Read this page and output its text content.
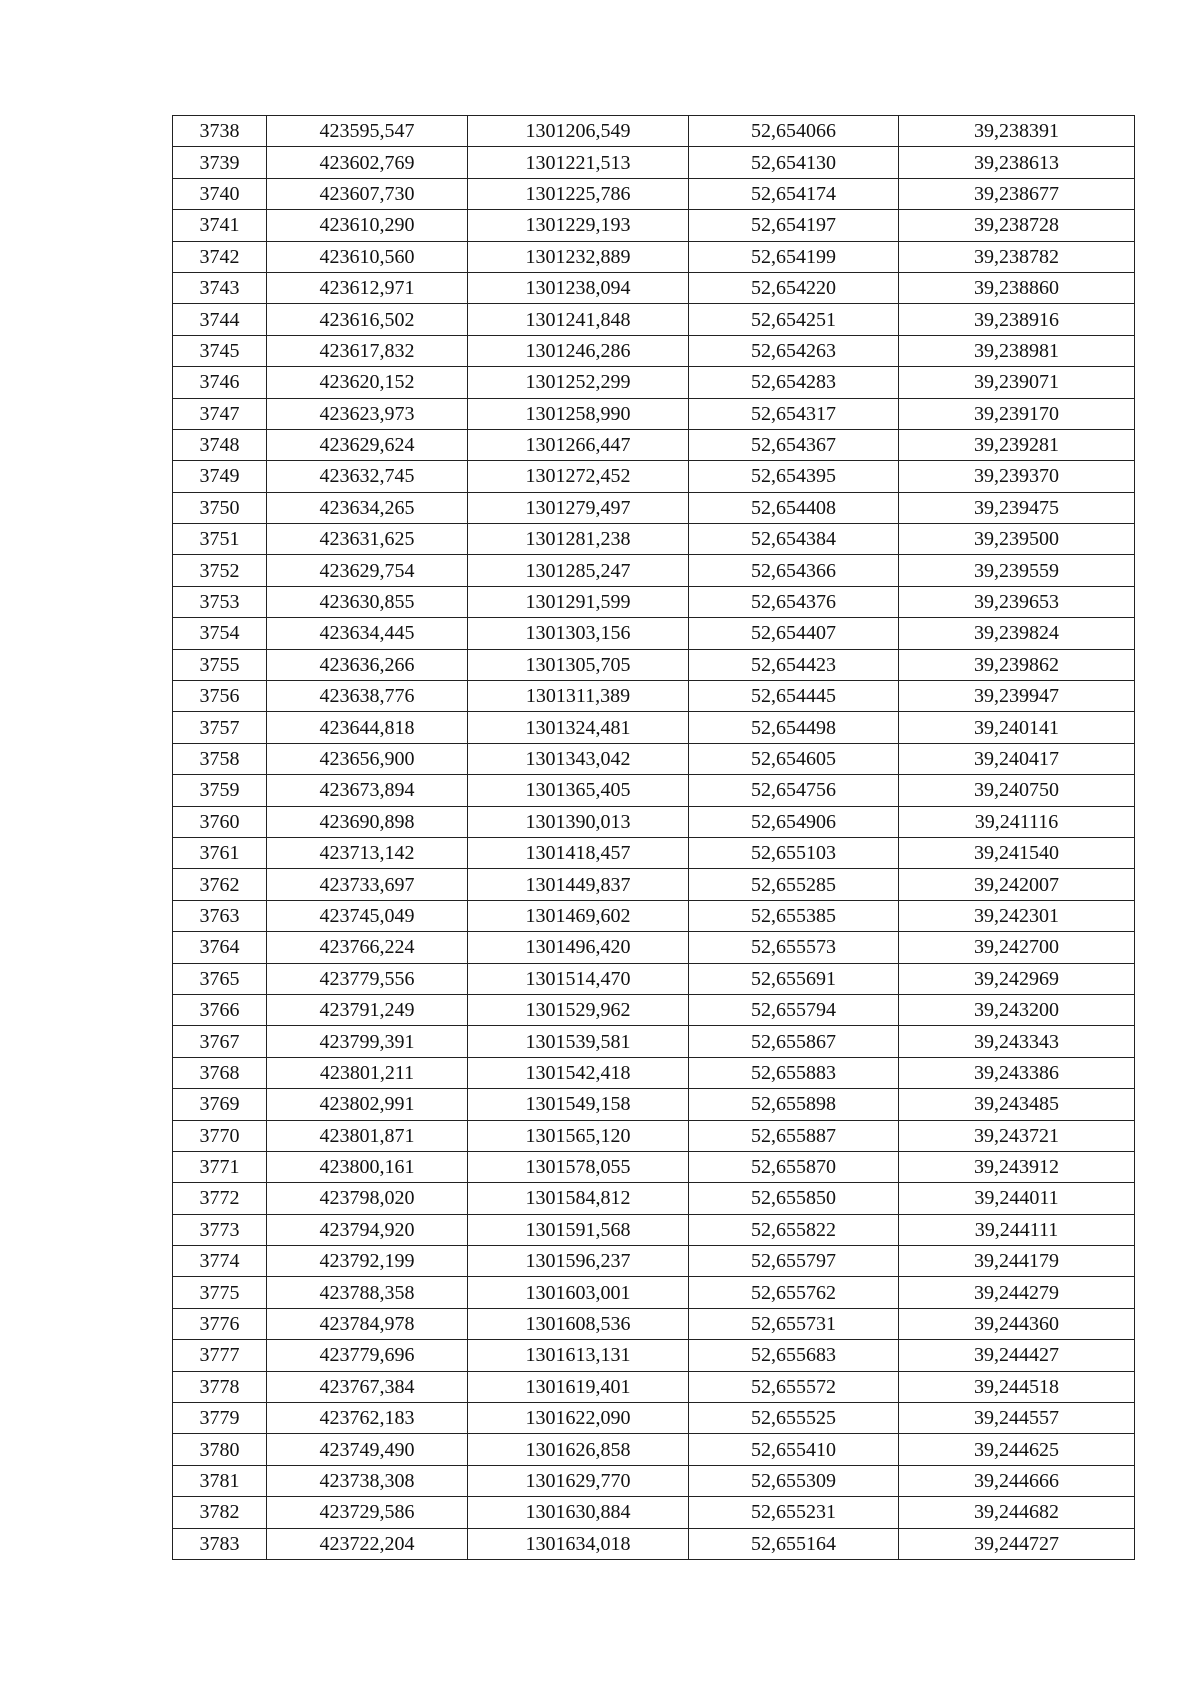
3738	423595,547	1301206,549	52,654066	39,238391
3739	423602,769	1301221,513	52,654130	39,238613
3740	423607,730	1301225,786	52,654174	39,238677
3741	423610,290	1301229,193	52,654197	39,238728
3742	423610,560	1301232,889	52,654199	39,238782
3743	423612,971	1301238,094	52,654220	39,238860
3744	423616,502	1301241,848	52,654251	39,238916
3745	423617,832	1301246,286	52,654263	39,238981
3746	423620,152	1301252,299	52,654283	39,239071
3747	423623,973	1301258,990	52,654317	39,239170
3748	423629,624	1301266,447	52,654367	39,239281
3749	423632,745	1301272,452	52,654395	39,239370
3750	423634,265	1301279,497	52,654408	39,239475
3751	423631,625	1301281,238	52,654384	39,239500
3752	423629,754	1301285,247	52,654366	39,239559
3753	423630,855	1301291,599	52,654376	39,239653
3754	423634,445	1301303,156	52,654407	39,239824
3755	423636,266	1301305,705	52,654423	39,239862
3756	423638,776	1301311,389	52,654445	39,239947
3757	423644,818	1301324,481	52,654498	39,240141
3758	423656,900	1301343,042	52,654605	39,240417
3759	423673,894	1301365,405	52,654756	39,240750
3760	423690,898	1301390,013	52,654906	39,241116
3761	423713,142	1301418,457	52,655103	39,241540
3762	423733,697	1301449,837	52,655285	39,242007
3763	423745,049	1301469,602	52,655385	39,242301
3764	423766,224	1301496,420	52,655573	39,242700
3765	423779,556	1301514,470	52,655691	39,242969
3766	423791,249	1301529,962	52,655794	39,243200
3767	423799,391	1301539,581	52,655867	39,243343
3768	423801,211	1301542,418	52,655883	39,243386
3769	423802,991	1301549,158	52,655898	39,243485
3770	423801,871	1301565,120	52,655887	39,243721
3771	423800,161	1301578,055	52,655870	39,243912
3772	423798,020	1301584,812	52,655850	39,244011
3773	423794,920	1301591,568	52,655822	39,244111
3774	423792,199	1301596,237	52,655797	39,244179
3775	423788,358	1301603,001	52,655762	39,244279
3776	423784,978	1301608,536	52,655731	39,244360
3777	423779,696	1301613,131	52,655683	39,244427
3778	423767,384	1301619,401	52,655572	39,244518
3779	423762,183	1301622,090	52,655525	39,244557
3780	423749,490	1301626,858	52,655410	39,244625
3781	423738,308	1301629,770	52,655309	39,244666
3782	423729,586	1301630,884	52,655231	39,244682
3783	423722,204	1301634,018	52,655164	39,244727
